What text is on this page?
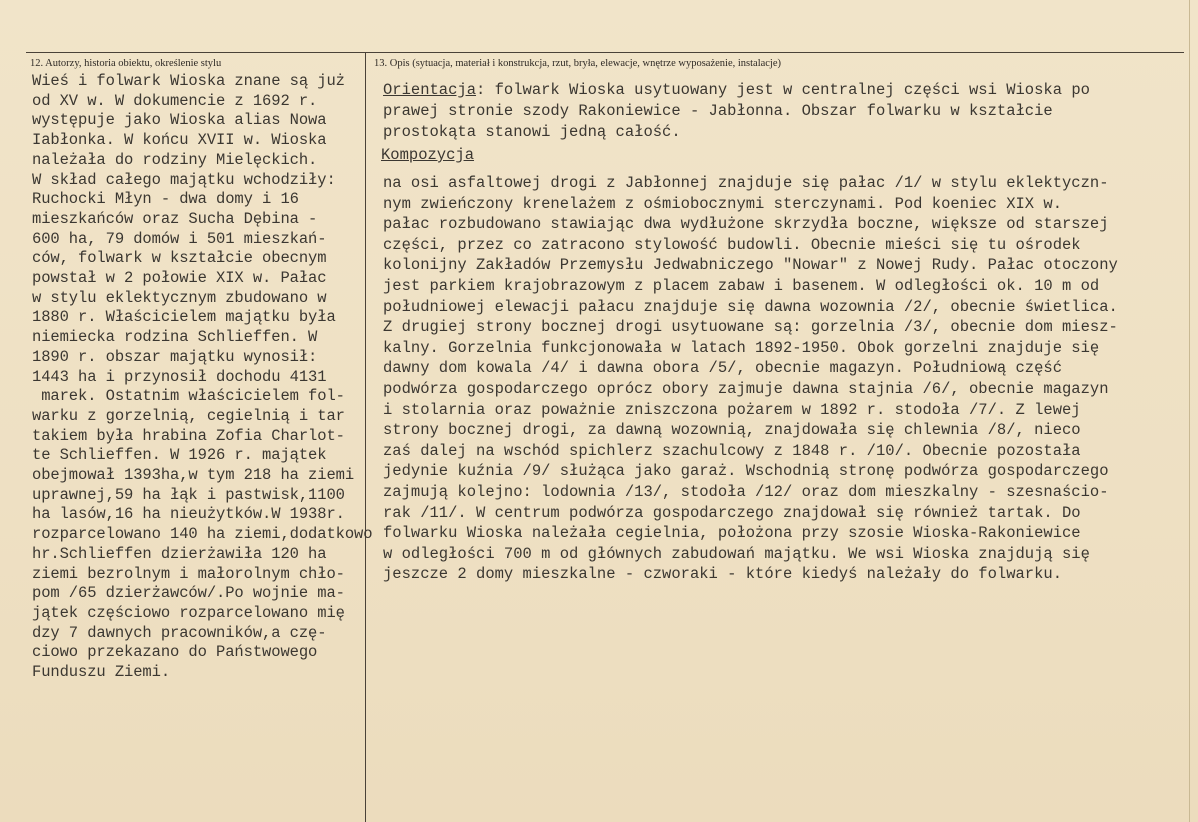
12. Autorzy, historia obiektu, określenie stylu	13. Opis (sytuacja, materiał i konstrukcja, rzut, bryła, elewacje, wnętrze wyposażenie, instalacje)
Wieś i folwark Wioska znane są już
od XV w. W dokumencie z 1692 r.
występuje jako Wioska alias Nowa
Iabłonka. W końcu XVII w. Wioska
należała do rodziny Mielęckich.
W skład całego majątku wchodziły:
Ruchocki Młyn - dwa domy i 16
mieszkańców oraz Sucha Dębina -
600 ha, 79 domów i 501 mieszkań-
ców, folwark w kształcie obecnym
powstał w 2 połowie XIX w. Pałac
w stylu eklektycznym zbudowano w
1880 r. Właścicielem majątku była
niemiecka rodzina Schlieffen. W
1890 r. obszar majątku wynosił:
1443 ha i przynosił dochodu 4131
marek. Ostatnim właścicielem fol-
warku z gorzelnią, cegielnią i tar
takiem była hrabina Zofia Charlot-
te Schlieffen. W 1926 r. majątek
obejmował 1393ha,w tym 218 ha ziemi
uprawnej,59 ha łąk i pastwisk,1100
ha lasów,16 ha nieużytków.W 1938r.
rozparcelowano 140 ha ziemi,dodatkowo
hr.Schlieffen dzierżawiła 120 ha
ziemi bezrolnym i małorolnym chło-
pom /65 dzierżawców/.Po wojnie ma-
jątek częściowo rozparcelowano mię
dzy 7 dawnych pracowników,a czę-
ciowo przekazano do Państwowego
Funduszu Ziemi.
Orientacja: folwark Wioska usytuowany jest w centralnej części wsi Wioska po
prawej stronie szody Rakoniewice - Jabłonna. Obszar folwarku w kształcie
prostokąta stanowi jedną całość.
Kompozycja
na osi asfaltowej drogi z Jabłonnej znajduje się pałac /1/ w stylu eklektyczn-
nym zwieńczony krenelażem z ośmiobocznymi sterczynami. Pod koeniec XIX w.
pałac rozbudowano stawiając dwa wydłużone skrzydła boczne, większe od starszej
części, przez co zatracono stylowość budowli. Obecnie mieści się tu ośrodek
kolonijny Zakładów Przemysłu Jedwabniczego "Nowar" z Nowej Rudy. Pałac otoczony
jest parkiem krajobrazowym z placem zabaw i basenem. W odległości ok. 10 m od
południowej elewacji pałacu znajduje się dawna wozownia /2/, obecnie świetlica.
Z drugiej strony bocznej drogi usytuowane są: gorzelnia /3/, obecnie dom miesz-
kalny. Gorzelnia funkcjonowała w latach 1892-1950. Obok gorzelni znajduje się
dawny dom kowala /4/ i dawna obora /5/, obecnie magazyn. Południową część
podwórza gospodarczego oprócz obory zajmuje dawna stajnia /6/, obecnie magazyn
i stolarnia oraz poważnie zniszczona pożarem w 1892 r. stodoła /7/. Z lewej
strony bocznej drogi, za dawną wozownią, znajdowała się chlewnia /8/, nieco
zaś dalej na wschód spichlerz szachulcowy z 1848 r. /10/. Obecnie pozostała
jedynie kuźnia /9/ służąca jako garaż. Wschodnią stronę podwórza gospodarczego
zajmują kolejno: lodownia /13/, stodoła /12/ oraz dom mieszkalny - szesnaścio-
rak /11/. W centrum podwórza gospodarczego znajdował się również tartak. Do
folwarku Wioska należała cegielnia, położona przy szosie Wioska-Rakoniewice
w odległości 700 m od głównych zabudowań majątku. We wsi Wioska znajdują się
jeszcze 2 domy mieszkalne - czworaki - które kiedyś należały do folwarku.
